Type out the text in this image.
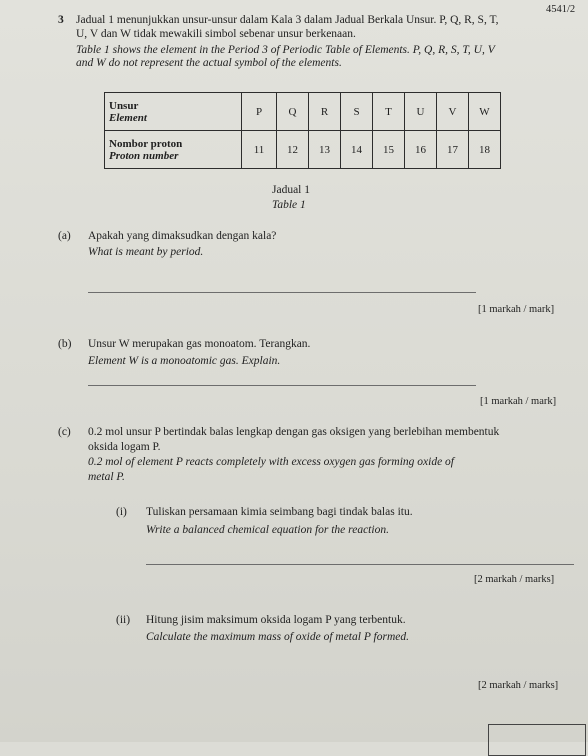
4541/2
3 Jadual 1 menunjukkan unsur-unsur dalam Kala 3 dalam Jadual Berkala Unsur. P, Q, R, S, T,
U, V dan W tidak mewakili simbol sebenar unsur berkenaan.
Table 1 shows the element in the Period 3 of Periodic Table of Elements. P, Q, R, S, T, U, V
and W do not represent the actual symbol of the elements.
Unsur
Element	P	Q	R	S	T	U	V	W

Nombor proton
Proton number	11	12	13	14	15	16	17	18
Jadual 1
Table 1
(a) Apakah yang dimaksudkan dengan kala?
What is meant by period.
[1 markah / mark]
(b) Unsur W merupakan gas monoatom. Terangkan.
Element W is a monoatomic gas. Explain.
[1 markah / mark]
(c) 0.2 mol unsur P bertindak balas lengkap dengan gas oksigen yang berlebihan membentuk
oksida logam P.
0.2 mol of element P reacts completely with excess oxygen gas forming oxide of
metal P.
(i) Tuliskan persamaan kimia seimbang bagi tindak balas itu.
Write a balanced chemical equation for the reaction.
[2 markah / marks]
(ii) Hitung jisim maksimum oksida logam P yang terbentuk.
Calculate the maximum mass of oxide of metal P formed.
[2 markah / marks]
